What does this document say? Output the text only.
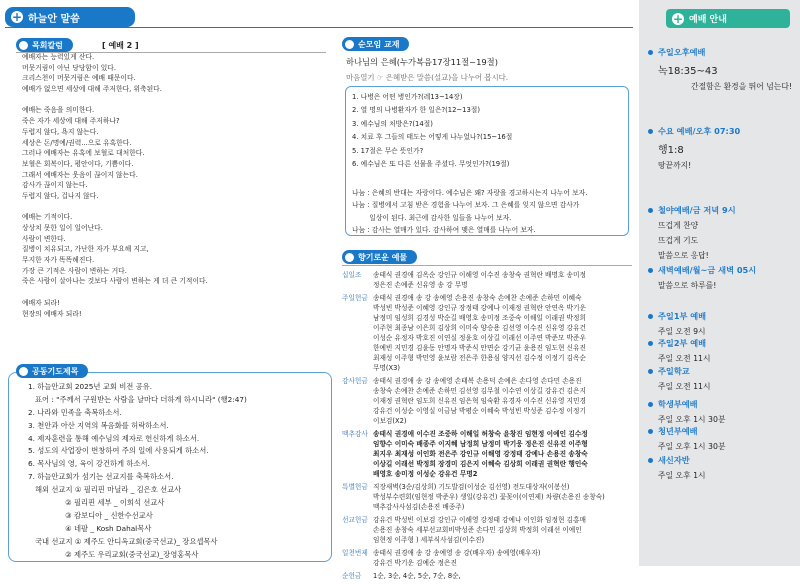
+ 하늘안 말씀
목회칼럼	[ 예배 2 ]
예배자는 능력있게 산다.
머뭇거림이 아닌 당당함이 있다.
크리스천이 머뭇거림은 예배 때문이다.
예배가 없으면 세상에 대해 주저한다, 위축된다.
예배는 죽음을 의미한다.
죽은 자가 세상에 대해 주저하나?
두렵지 않다, 욕지 않는다.
세상은 돈/명예/권력...으로 유혹한다.
그러나 예배자는 유혹에 보혈로 대처한다.
보혈은 회복이다, 평안이다, 기쁨이다.
그래서 예배자는 웃음이 끊이지 않는다.
감사가 끊이지 않는다.
두렵지 않다, 겁나지 않다.
예배는 기적이다.
상상치 못한 일이 일어난다.
사람이 변한다.
질병이 치유되고, 가난한 자가 부요해 지고,
무지한 자가 똑똑해진다.
가장 큰 기적은 사람이 변하는 거다.
죽은 사람이 살아나는 것보다 사람이 변하는 게 더 큰 기적이다.
예배자 되라!
현장의 예배자 되라!
공동기도제목
1. 하늘안교회 2025년 교회 비전 공유.
표어 : "주께서 구원받는 사람을 날마다 더하게 하시니라" (행2:47)
2. 나라와 민족을 축복하소서.
3. 천안과 아산 지역의 복음화를 허락하소서.
4. 제자훈련을 통해 예수님의 제자로 헌신하게 하소서.
5. 성도의 사업장이 번창하여 주의 일에 사용되게 하소서.
6. 목사님의 영, 육이 강건하게 하소서.
7. 하늘안교회가 섬기는 선교지를 축복하소서.
해외 선교지 ① 필리핀 마닐라 _ 김은호 선교사
② 필리핀 세부 _ 이희석 선교사
③ 캄보디아 _ 신한수선교사
④ 네팔 _ Kosh Dahal목사
국내 선교지 ① 제주도 안디옥교회(중국선교)_ 장요셉목사
② 제주도 우리교회(중국선교)_장영홍목사
순모임 교재
하나님의 은혜(누가복음17장11절~19절)
마음열기 ☞ 은혜받은 말씀(설교)을 나누어 봅시다.
1. 나병은 어떤 병인가?(레13~14장)
2. 열 명의 나병환자가 한 일은?(12~13절)
3. 예수님의 처방은?(14절)
4. 치료 후 그들의 태도는 어떻게 나누었나?(15~16절
5. 17절은 무슨 뜻인가?
6. 예수님은 또 다른 선물을 주셨다. 무엇인가?(19절)
나눔 : 은혜의 반대는 자랑이다. 예수님은 왜? 자랑을 경고하시는지 나누어 보자.
나눔 : 질병에서 고침 받은 경험을 나누어 보자. 그 은혜를 잊지 않으면 감사가
일상이 된다. 최근에 감사한 일들을 나누어 보자.
나눔 : 감사는 열매가 있다. 감사하여 맺은 열매를 나누어 보자.
향기로운 예물
십일조	송태식 권경애 김옥순 강인규 이해영 이수진 송창숙 권혁란 배명호 송미정
정은진 손예준 신유영 송 강 무명
주일헌금 송태식 권경애 송 강 송예영 손용진 송창숙 손예찬 손예준 손하민 이혜숙
박성빈 박성준 이혜영 강인규 장정태 강예나 이재정 권혁란 안연옥 박기운
남정미 임성희 김경성 박순길 배영호 송미정 조중숙 이해일 이래권 박정희
이주현 최종남 이은희 김상희 이미숙 양승용 김선영 이수진 신유영 강유건
이성순 유정자 박호진 이연실 정윤호 이상길 이래선 이주연 박준모 박준우
한예빈 지민경 김윤동 안명자 박준식 안면순 강기균 윤용진 임도현 신유진
최재성 이주형 박민영 윤보람 전은주 한용심 양지선 김수정 이정기 김옥순
무명(X3)
감사헌금 송태식 권경애 송 강 송예영 손태복 손용덕 손예은 손다영 손다민 손용진
송창숙 손예찬 손예준 손하민 김선영 김무철 이수연 이상길 강유건 김은지
이재정 권혁란 임도희 신유진 임은혁 임숙환 유경자 이수진 신유영 지민경
강유건 이성순 이영실 이금남 박평순 이혜숙 박성빈 박성준 김수정 이정기
이보검(X2)
맥추감사 송태식 권경애 이수진 조중하 이해일 허창숙 윤창진 임현정 이예인 김수정
임향수 이미숙 배종주 이지혜 남정희 남정미 박기웅 정은진 신유진 이주형
최지우 최재성 이인화 전은주 강인규 이해영 강정태 강예나 손용진 송창숙
이상길 이래선 박정희 장경미 김은지 이혜숙 김상희 이래권 권혁란 행인숙
배영호 송미정 이성순 강유건 무명2
특별헌금 직장새벽(3순/김상희) 기도발검(이성순 김선영) 전도대상자(이봉선)
박성부수련회(임현정 박준우) 생일(강유건) 꽃꽂이(이연제) 차량(손용진 송창숙)
맥추감사사섬김(손용진 배종주)
선교헌금 강유건 박성빈 이보검 강인규 이해영 강정태 강예나 이인화 임정현 김홍매
손용진 송창숙 세부선교회비박성준 손다민 김상희 박정희 이래선 이예인
임현정 이주형 ) 세부식사섬김(이수진)
일천번제 송태식 권경애 송 강 송예영 송 강(배우자) 송예영(배우자)
강유건 박기운 김예순 정은진
순헌금	1순, 3순, 4순, 5순, 7순, 8순,
+ 예배 안내
주일오후예배
녹18:35~43
간절함은 환경을 뛰어 넘는다!
수요 예배/오후 07:30
행1:8
땅끝까지!
철야예배/금 저녁 9시
뜨겁게 찬양
뜨겁게 기도
말씀으로 응답!
새벽예배/월~금 새벽 05시
말씀으로 하루를!
주일1부 예배
주일 오전 9시
주일2부 예배
주일 오전 11시
주일학교
주일 오전 11시
학생부예배
주일 오후 1시 30분
청년부예배
주일 오후 1시 30분
새신자반
주일 오후 1시
